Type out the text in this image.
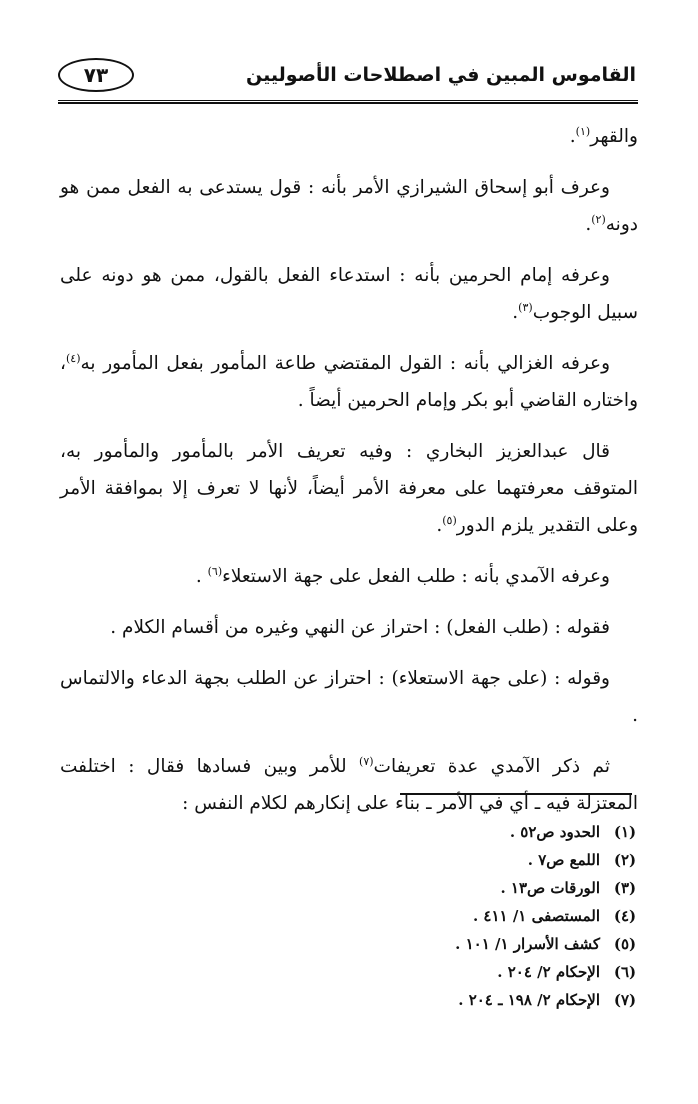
القاموس المبين في اصطلاحات الأصوليين
٧٣

والقهر$^{(١)}$.

وعرف أبو إسحاق الشيرازي الأمر بأنه : قول يستدعى به الفعل ممن هو دونه$^{(٢)}$.

وعرفه إمام الحرمين بأنه : استدعاء الفعل بالقول، ممن هو دونه على سبيل الوجوب$^{(٣)}$.

وعرفه الغزالي بأنه : القول المقتضي طاعة المأمور بفعل المأمور به$^{(٤)}$، واختاره القاضي أبو بكر وإمام الحرمين أيضاً .

قال عبدالعزيز البخاري : وفيه تعريف الأمر بالمأمور والمأمور به، المتوقف معرفتهما على معرفة الأمر أيضاً، لأنها لا تعرف إلا بموافقة الأمر وعلى التقدير يلزم الدور$^{(٥)}$.

وعرفه الآمدي بأنه : طلب الفعل على جهة الاستعلاء$^{(٦)}$ .

فقوله : (طلب الفعل) : احتراز عن النهي وغيره من أقسام الكلام .

وقوله : (على جهة الاستعلاء) : احتراز عن الطلب بجهة الدعاء والالتماس .

ثم ذكر الآمدي عدة تعريفات$^{(٧)}$ للأمر وبين فسادها فقال : اختلفت المعتزلة فيه ـ أي في الأمر ـ بناء على إنكارهم لكلام النفس :

(١)الحدود ص٥٢ .
(٢)اللمع ص٧ .
(٣)الورقات ص١٣ .
(٤)المستصفى ١/ ٤١١ .
(٥)كشف الأسرار ١/ ١٠١ .
(٦)الإحكام ٢/ ٢٠٤ .
(٧)الإحكام ٢/ ١٩٨ ـ ٢٠٤ .
